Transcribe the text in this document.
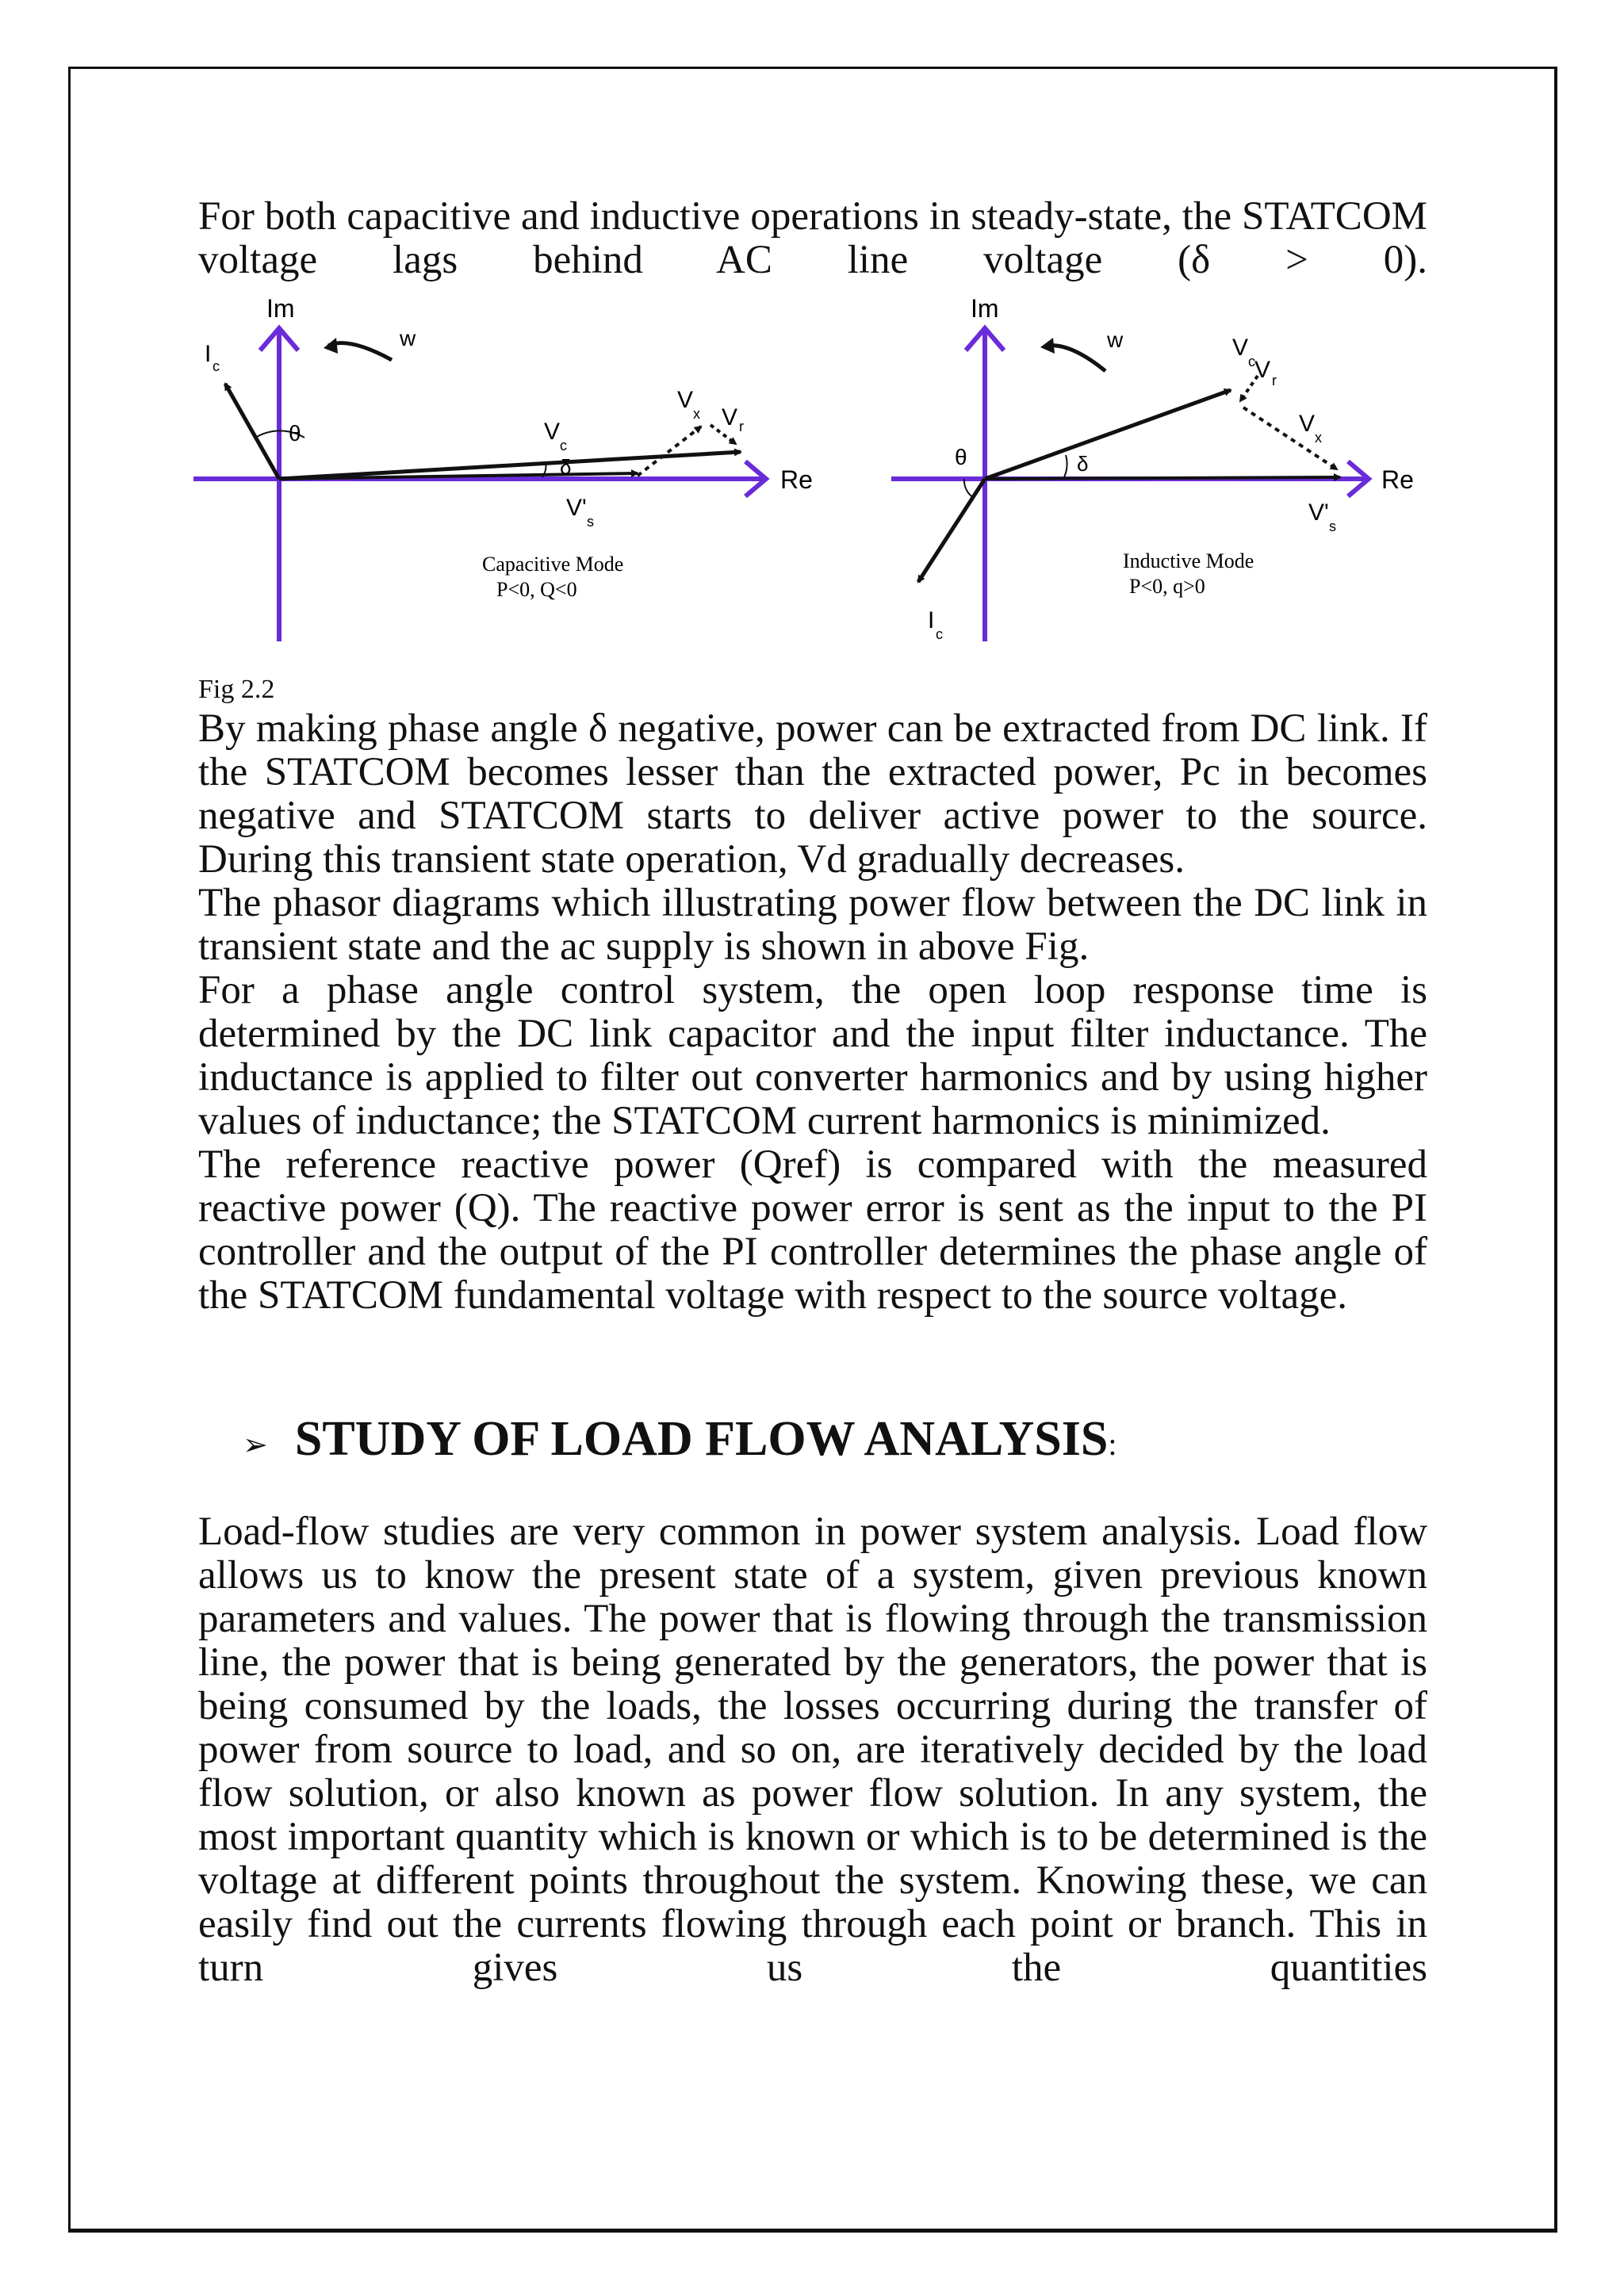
For both capacitive and inductive operations in steady-state, the STATCOM voltage lags behind AC line voltage (δ > 0).

Im
Re
I c
θ
w
V
c
V'
s
δ
V
x V r
Capacitive Mode
P<0, Q<0
Im
Re
I
c
θ
w	V
c
V'
s
δ
V r
V
x
Inductive Mode
P<0, q>0

Fig 2.2

By making phase angle δ negative, power can be extracted from DC link. If the STATCOM becomes lesser than the extracted power, Pc in becomes negative and STATCOM starts to deliver active power to the source. During this transient state operation, Vd gradually decreases.

The phasor diagrams which illustrating power flow between the DC link in transient state and the ac supply is shown in above Fig.

For a phase angle control system, the open loop response time is determined by the DC link capacitor and the input filter inductance. The inductance is applied to filter out converter harmonics and by using higher values of inductance; the STATCOM current harmonics is minimized.

The reference reactive power (Qref) is compared with the measured reactive power (Q). The reactive power error is sent as the input to the PI controller and the output of the PI controller determines the phase angle of the STATCOM fundamental voltage with respect to the source voltage.

➢ STUDY OF LOAD FLOW ANALYSIS :

Load-flow studies are very common in power system analysis. Load flow allows us to know the present state of a system, given previous known parameters and values. The power that is flowing through the transmission line, the power that is being generated by the generators, the power that is being consumed by the loads, the losses occurring during the transfer of power from source to load, and so on, are iteratively decided by the load flow solution, or also known as power flow solution. In any system, the most important quantity which is known or which is to be determined is the voltage at different points throughout the system. Knowing these, we can easily find out the currents flowing through each point or branch. This in turn gives us the quantities
